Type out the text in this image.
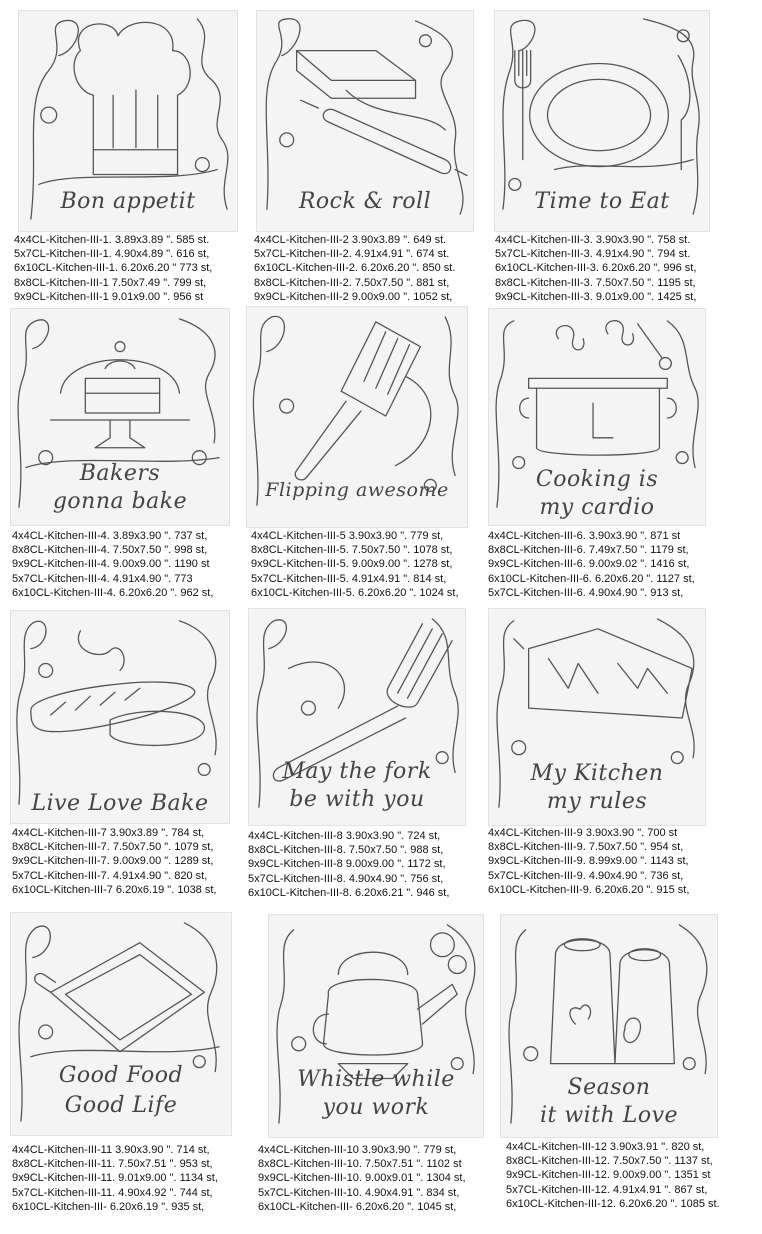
Bon appetit	Rock & roll	Time to Eat
4x4CL-Kitchen-III-1. 3.89x3.89 ". 585 st.
5x7CL-Kitchen-III-1. 4.90x4.89 ". 616 st,
6x10CL-Kitchen-III-1. 6.20x6.20 " 773 st,
8x8CL-Kitchen-III-1 7.50x7.49 ". 799 st,
9x9CL-Kitchen-III-1 9.01x9.00 ". 956 st
4x4CL-Kitchen-III-2 3.90x3.89 ". 649 st.
5x7CL-Kitchen-III-2. 4.91x4.91 ". 674 st.
6x10CL-Kitchen-III-2. 6.20x6.20 ". 850 st.
8x8CL-Kitchen-III-2. 7.50x7.50 ". 881 st,
9x9CL-Kitchen-III-2 9.00x9.00 ". 1052 st,
4x4CL-Kitchen-III-3. 3.90x3.90 ". 758 st.
5x7CL-Kitchen-III-3. 4.91x4.90 ". 794 st.
6x10CL-Kitchen-III-3. 6.20x6.20 ". 996 st,
8x8CL-Kitchen-III-3. 7.50x7.50 ". 1195 st,
9x9CL-Kitchen-III-3. 9.01x9.00 ". 1425 st,
Bakers
gonna bake	Flipping awesome	Cooking is
my cardio
4x4CL-Kitchen-III-4. 3.89x3.90 ". 737 st,
8x8CL-Kitchen-III-4. 7.50x7.50 ". 998 st,
9x9CL-Kitchen-III-4. 9.00x9.00 ". 1190 st
5x7CL-Kitchen-III-4. 4.91x4.90 ". 773
6x10CL-Kitchen-III-4. 6.20x6.20 ". 962 st,
4x4CL-Kitchen-III-5 3.90x3.90 ". 779 st,
8x8CL-Kitchen-III-5. 7.50x7.50 ". 1078 st,
9x9CL-Kitchen-III-5. 9.00x9.00 ". 1278 st,
5x7CL-Kitchen-III-5. 4.91x4.91 ". 814 st,
6x10CL-Kitchen-III-5. 6.20x6.20 ". 1024 st,
4x4CL-Kitchen-III-6. 3.90x3.90 ". 871 st
8x8CL-Kitchen-III-6. 7.49x7.50 ". 1179 st,
9x9CL-Kitchen-III-6. 9.00x9.02 ". 1416 st,
6x10CL-Kitchen-III-6. 6.20x6.20 ". 1127 st,
5x7CL-Kitchen-III-6. 4.90x4.90 ". 913 st,
Live Love Bake
May the fork
be with you
My Kitchen
my rules
4x4CL-Kitchen-III-7 3.90x3.89 ". 784 st,
8x8CL-Kitchen-III-7. 7.50x7.50 ". 1079 st,
9x9CL-Kitchen-III-7. 9.00x9.00 ". 1289 st,
5x7CL-Kitchen-III-7. 4.91x4.90 ". 820 st,
6x10CL-Kitchen-III-7 6.20x6.19 ". 1038 st,
4x4CL-Kitchen-III-8 3.90x3.90 ". 724 st,
8x8CL-Kitchen-III-8. 7.50x7.50 ". 988 st,
9x9CL-Kitchen-III-8 9.00x9.00 ". 1172 st,
5x7CL-Kitchen-III-8. 4.90x4.90 ". 756 st,
6x10CL-Kitchen-III-8. 6.20x6.21 ". 946 st,
4x4CL-Kitchen-III-9 3.90x3.90 ". 700 st
8x8CL-Kitchen-III-9. 7.50x7.50 ". 954 st,
9x9CL-Kitchen-III-9. 8.99x9.00 ". 1143 st,
5x7CL-Kitchen-III-9. 4.90x4.90 ". 736 st,
6x10CL-Kitchen-III-9. 6.20x6.20 ". 915 st,
Good Food
Good Life
Whistle while
you work
Season
it with Love
4x4CL-Kitchen-III-11 3.90x3.90 ". 714 st,
8x8CL-Kitchen-III-11. 7.50x7.51 ". 953 st,
9x9CL-Kitchen-III-11. 9.01x9.00 ". 1134 st,
5x7CL-Kitchen-III-11. 4.90x4.92 ". 744 st,
6x10CL-Kitchen-III- 6.20x6.19 ". 935 st,
4x4CL-Kitchen-III-10 3.90x3.90 ". 779 st,
8x8CL-Kitchen-III-10. 7.50x7.51 ". 1102 st
9x9CL-Kitchen-III-10. 9.00x9.01 ". 1304 st,
5x7CL-Kitchen-III-10. 4.90x4.91 ". 834 st,
6x10CL-Kitchen-III- 6.20x6.20 ". 1045 st,
4x4CL-Kitchen-III-12 3.90x3.91 ". 820 st,
8x8CL-Kitchen-III-12. 7.50x7.50 ". 1137 st,
9x9CL-Kitchen-III-12. 9.00x9.00 ". 1351 st
5x7CL-Kitchen-III-12. 4.91x4.91 ". 867 st,
6x10CL-Kitchen-III-12. 6.20x6.20 ". 1085 st.
